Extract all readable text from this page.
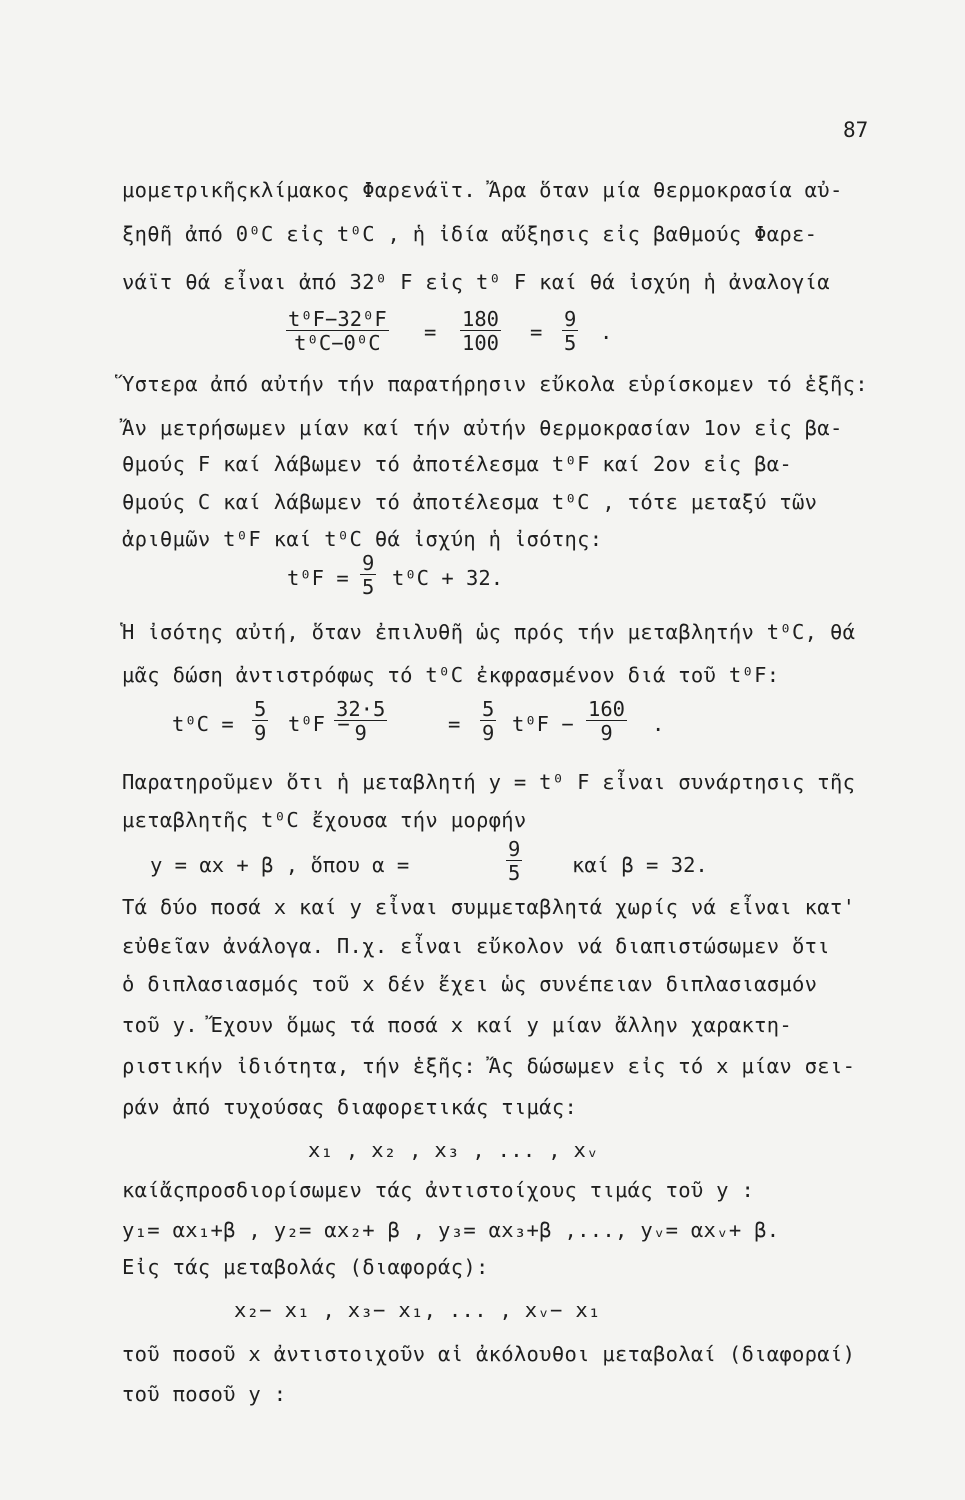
87
μομετρικῆςκλίμακος Φαρενάϊτ. Ἄρα ὅταν μία θερμοκρασία αὐ-
ξηθῆ ἀπό 0⁰C εἰς t⁰C , ἡ ἰδία αὔξησις εἰς βαθμούς Φαρε-
νάϊτ θά εἶναι ἀπό 32⁰ F εἰς t⁰ F καί θά ἰσχύη ἡ ἀναλογία
$\frac{\text{t⁰F−32⁰F}}{\text{t⁰C−0⁰C}} = \frac{180}{100} = \frac{9}{5}$ .
Ὕστερα ἀπό αὐτήν τήν παρατήρησιν εὔκολα εὑρίσκομεν τό ἑξῆς:
Ἄν μετρήσωμεν μίαν καί τήν αὐτήν θερμοκρασίαν 1ον εἰς βα-
θμούς F καί λάβωμεν τό ἀποτέλεσμα t⁰F καί 2ον εἰς βα-
θμούς C καί λάβωμεν τό ἀποτέλεσμα t⁰C , τότε μεταξύ τῶν
ἀριθμῶν t⁰F καί t⁰C θά ἰσχύη ἡ ἰσότης:
$t^0F = \frac{9}{5} t^0C + 32$.
Ἡ ἰσότης αὐτή, ὅταν ἐπιλυθῆ ὡς πρός τήν μεταβλητήν t⁰C, θά
μᾶς δώση ἀντιστρόφως τό t⁰C ἐκφρασμένον διά τοῦ t⁰F:
$t^0C = \frac{5}{9} t^0F$ −
$\frac{32\cdot 5}{9}$	= $\frac{5}{9} t^0F - \frac{160}{9}$ .
Παρατηροῦμεν ὅτι ἡ μεταβλητή y = t⁰ F εἶναι συνάρτησις τῆς
μεταβλητῆς t⁰C ἔχουσα τήν μορφήν
y = αx + β , ὅπου α =	$\frac{9}{5}$ καί β = 32.
Τά δύο ποσά x καί y εἶναι συμμεταβλητά χωρίς νά εἶναι κατ'
εὐθεῖαν ἀνάλογα. Π.χ. εἶναι εὔκολον νά διαπιστώσωμεν ὅτι
ὁ διπλασιασμός τοῦ x δέν ἔχει ὡς συνέπειαν διπλασιασμόν
τοῦ y. Ἔχουν ὅμως τά ποσά x καί y μίαν ἄλλην χαρακτη-
ριστικήν ἰδιότητα, τήν ἑξῆς: Ἄς δώσωμεν εἰς τό x μίαν σει-
ράν ἀπό τυχούσας διαφορετικάς τιμάς:
x₁ , x₂ , x₃ , ... , xᵥ
καίἄςπροσδιορίσωμεν τάς ἀντιστοίχους τιμάς τοῦ y :
y₁= αx₁+β , y₂= αx₂+ β , y₃= αx₃+β ,..., yᵥ= αxᵥ+ β.
Εἰς τάς μεταβολάς (διαφοράς):
x₂− x₁ , x₃− x₁, ... , xᵥ− x₁
τοῦ ποσοῦ x ἀντιστοιχοῦν αἱ ἀκόλουθοι μεταβολαί (διαφοραί)
τοῦ ποσοῦ y :
